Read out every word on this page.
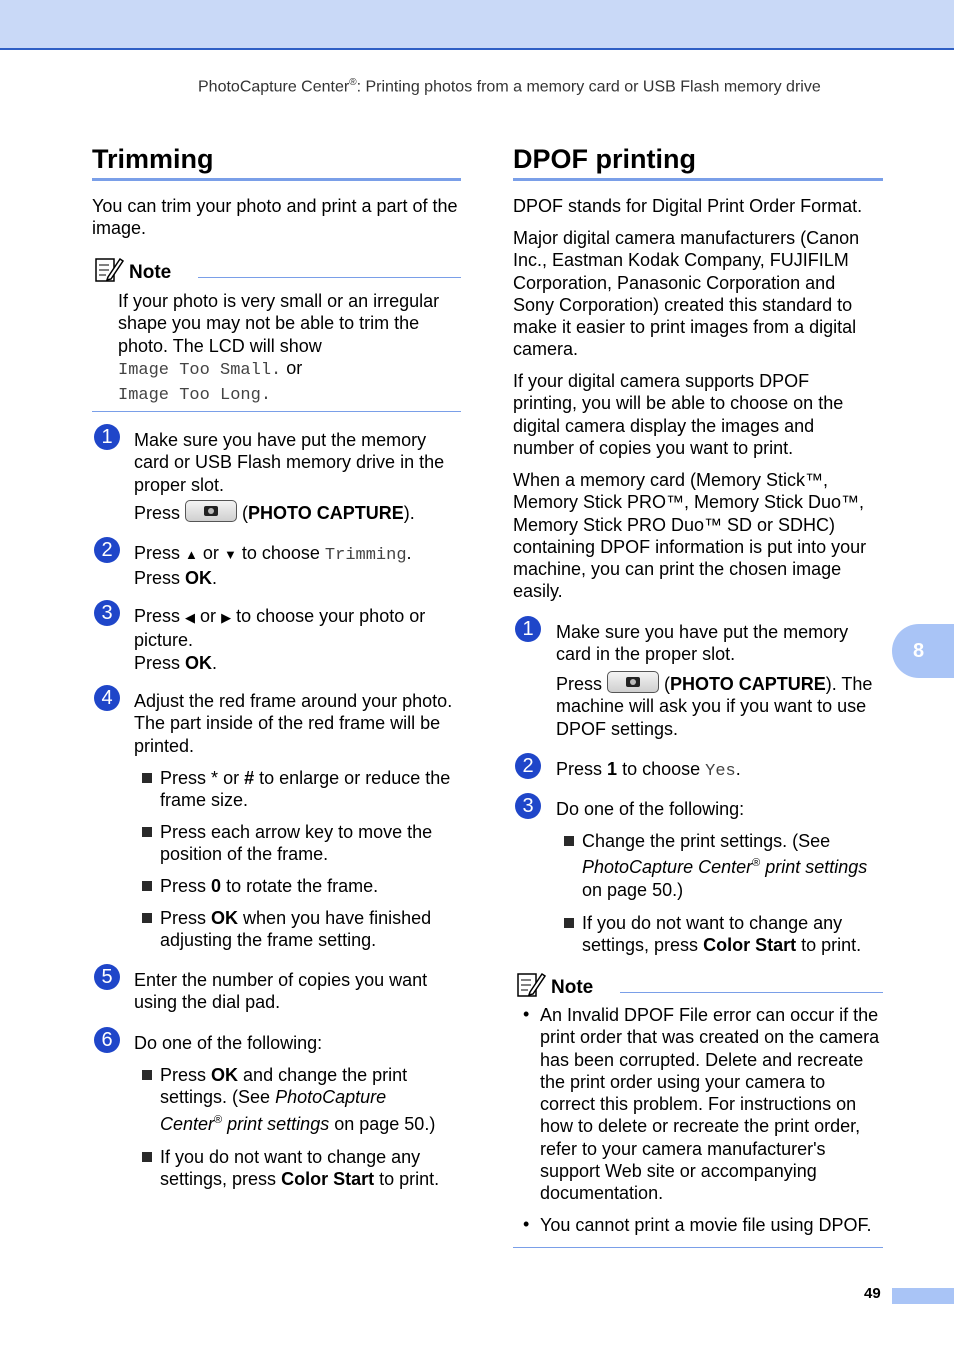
PhotoCapture Center®: Printing photos from a memory card or USB Flash memory drive
Trimming
You can trim your photo and print a part of the
image.
Note
If your photo is very small or an irregular
shape you may not be able to trim the
photo. The LCD will show
Image Too Small. or
Image Too Long.
1	Make sure you have put the memory
card or USB Flash memory drive in the
proper slot.
Press	(PHOTO CAPTURE).
2	Press ▲ or ▼ to choose Trimming.
Press OK.
3	Press ◀ or ▶ to choose your photo or
picture.
Press OK.
4	Adjust the red frame around your photo.
The part inside of the red frame will be
printed.
Press * or # to enlarge or reduce the
frame size.
Press each arrow key to move the
position of the frame.
Press 0 to rotate the frame.
Press OK when you have finished
adjusting the frame setting.
5	Enter the number of copies you want
using the dial pad.
6	Do one of the following:
Press OK and change the print
settings. (See PhotoCapture
Center® print settings on page 50.)
If you do not want to change any
settings, press Color Start to print.
DPOF printing
DPOF stands for Digital Print Order Format.
Major digital camera manufacturers (Canon
Inc., Eastman Kodak Company, FUJIFILM
Corporation, Panasonic Corporation and
Sony Corporation) created this standard to
make it easier to print images from a digital
camera.
If your digital camera supports DPOF
printing, you will be able to choose on the
digital camera display the images and
number of copies you want to print.
When a memory card (Memory Stick™,
Memory Stick PRO™, Memory Stick Duo™,
Memory Stick PRO Duo™ SD or SDHC)
containing DPOF information is put into your
machine, you can print the chosen image
easily.
1	Make sure you have put the memory
card in the proper slot.
Press	(PHOTO CAPTURE). The
machine will ask you if you want to use
DPOF settings.
2	Press 1 to choose Yes.
3	Do one of the following:
Change the print settings. (See
PhotoCapture Center® print settings
on page 50.)
If you do not want to change any
settings, press Color Start to print.
Note
• An Invalid DPOF File error can occur if the
print order that was created on the camera
has been corrupted. Delete and recreate
the print order using your camera to
correct this problem. For instructions on
how to delete or recreate the print order,
refer to your camera manufacturer's
support Web site or accompanying
documentation.
• You cannot print a movie file using DPOF.
8
49
